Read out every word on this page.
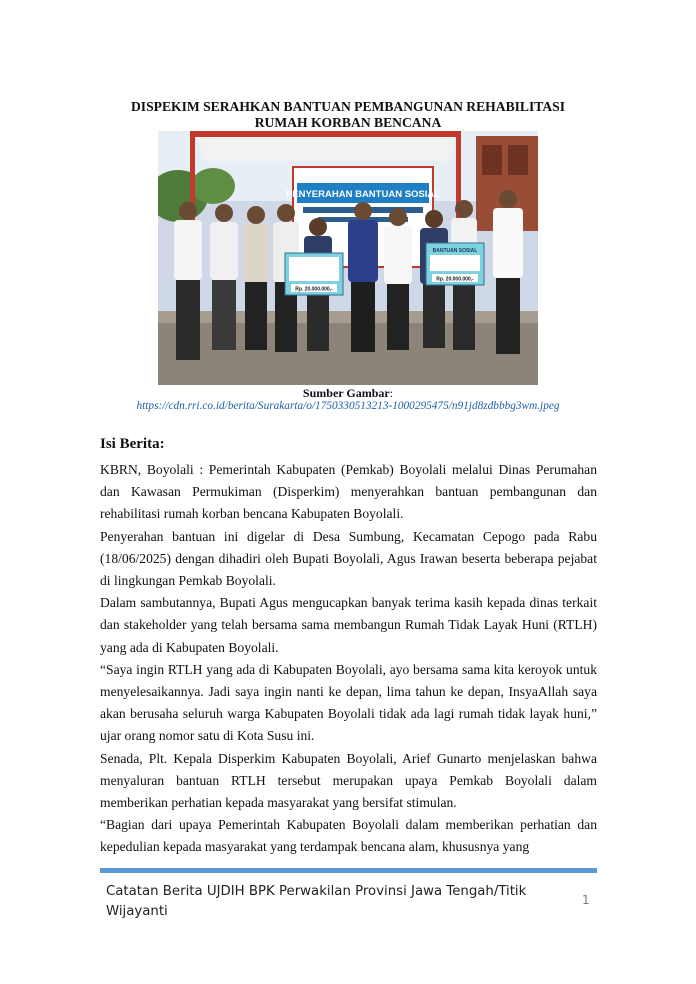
DISPEKIM SERAHKAN BANTUAN PEMBANGUNAN REHABILITASI
RUMAH KORBAN BENCANA
PENYERAHAN BANTUAN SOSIAL
Rp. 20.000.000,-
BANTUAN SOSIAL
Rp. 20.000.000,-
Sumber Gambar:
https://cdn.rri.co.id/berita/Surakarta/o/1750330513213-1000295475/n91jd8zdbbbg3wm.jpeg
Isi Berita:

KBRN, Boyolali : Pemerintah Kabupaten (Pemkab) Boyolali melalui Dinas Perumahan dan Kawasan Permukiman (Disperkim) menyerahkan bantuan pembangunan dan rehabilitasi rumah korban bencana Kabupaten Boyolali.

Penyerahan bantuan ini digelar di Desa Sumbung, Kecamatan Cepogo pada Rabu (18/06/2025) dengan dihadiri oleh Bupati Boyolali, Agus Irawan beserta beberapa pejabat di lingkungan Pemkab Boyolali.

Dalam sambutannya, Bupati Agus mengucapkan banyak terima kasih kepada dinas terkait dan stakeholder yang telah bersama sama membangun Rumah Tidak Layak Huni (RTLH) yang ada di Kabupaten Boyolali.

“Saya ingin RTLH yang ada di Kabupaten Boyolali, ayo bersama sama kita keroyok untuk menyelesaikannya. Jadi saya ingin nanti ke depan, lima tahun ke depan, InsyaAllah saya akan berusaha seluruh warga Kabupaten Boyolali tidak ada lagi rumah tidak layak huni,” ujar orang nomor satu di Kota Susu ini.

Senada, Plt. Kepala Disperkim Kabupaten Boyolali, Arief Gunarto menjelaskan bahwa menyaluran bantuan RTLH tersebut merupakan upaya Pemkab Boyolali dalam memberikan perhatian kepada masyarakat yang bersifat stimulan.

“Bagian dari upaya Pemerintah Kabupaten Boyolali dalam memberikan perhatian dan kepedulian kepada masyarakat yang terdampak bencana alam, khususnya yang

Catatan Berita UJDIH BPK Perwakilan Provinsi Jawa Tengah/Titik
Wijayanti
1
